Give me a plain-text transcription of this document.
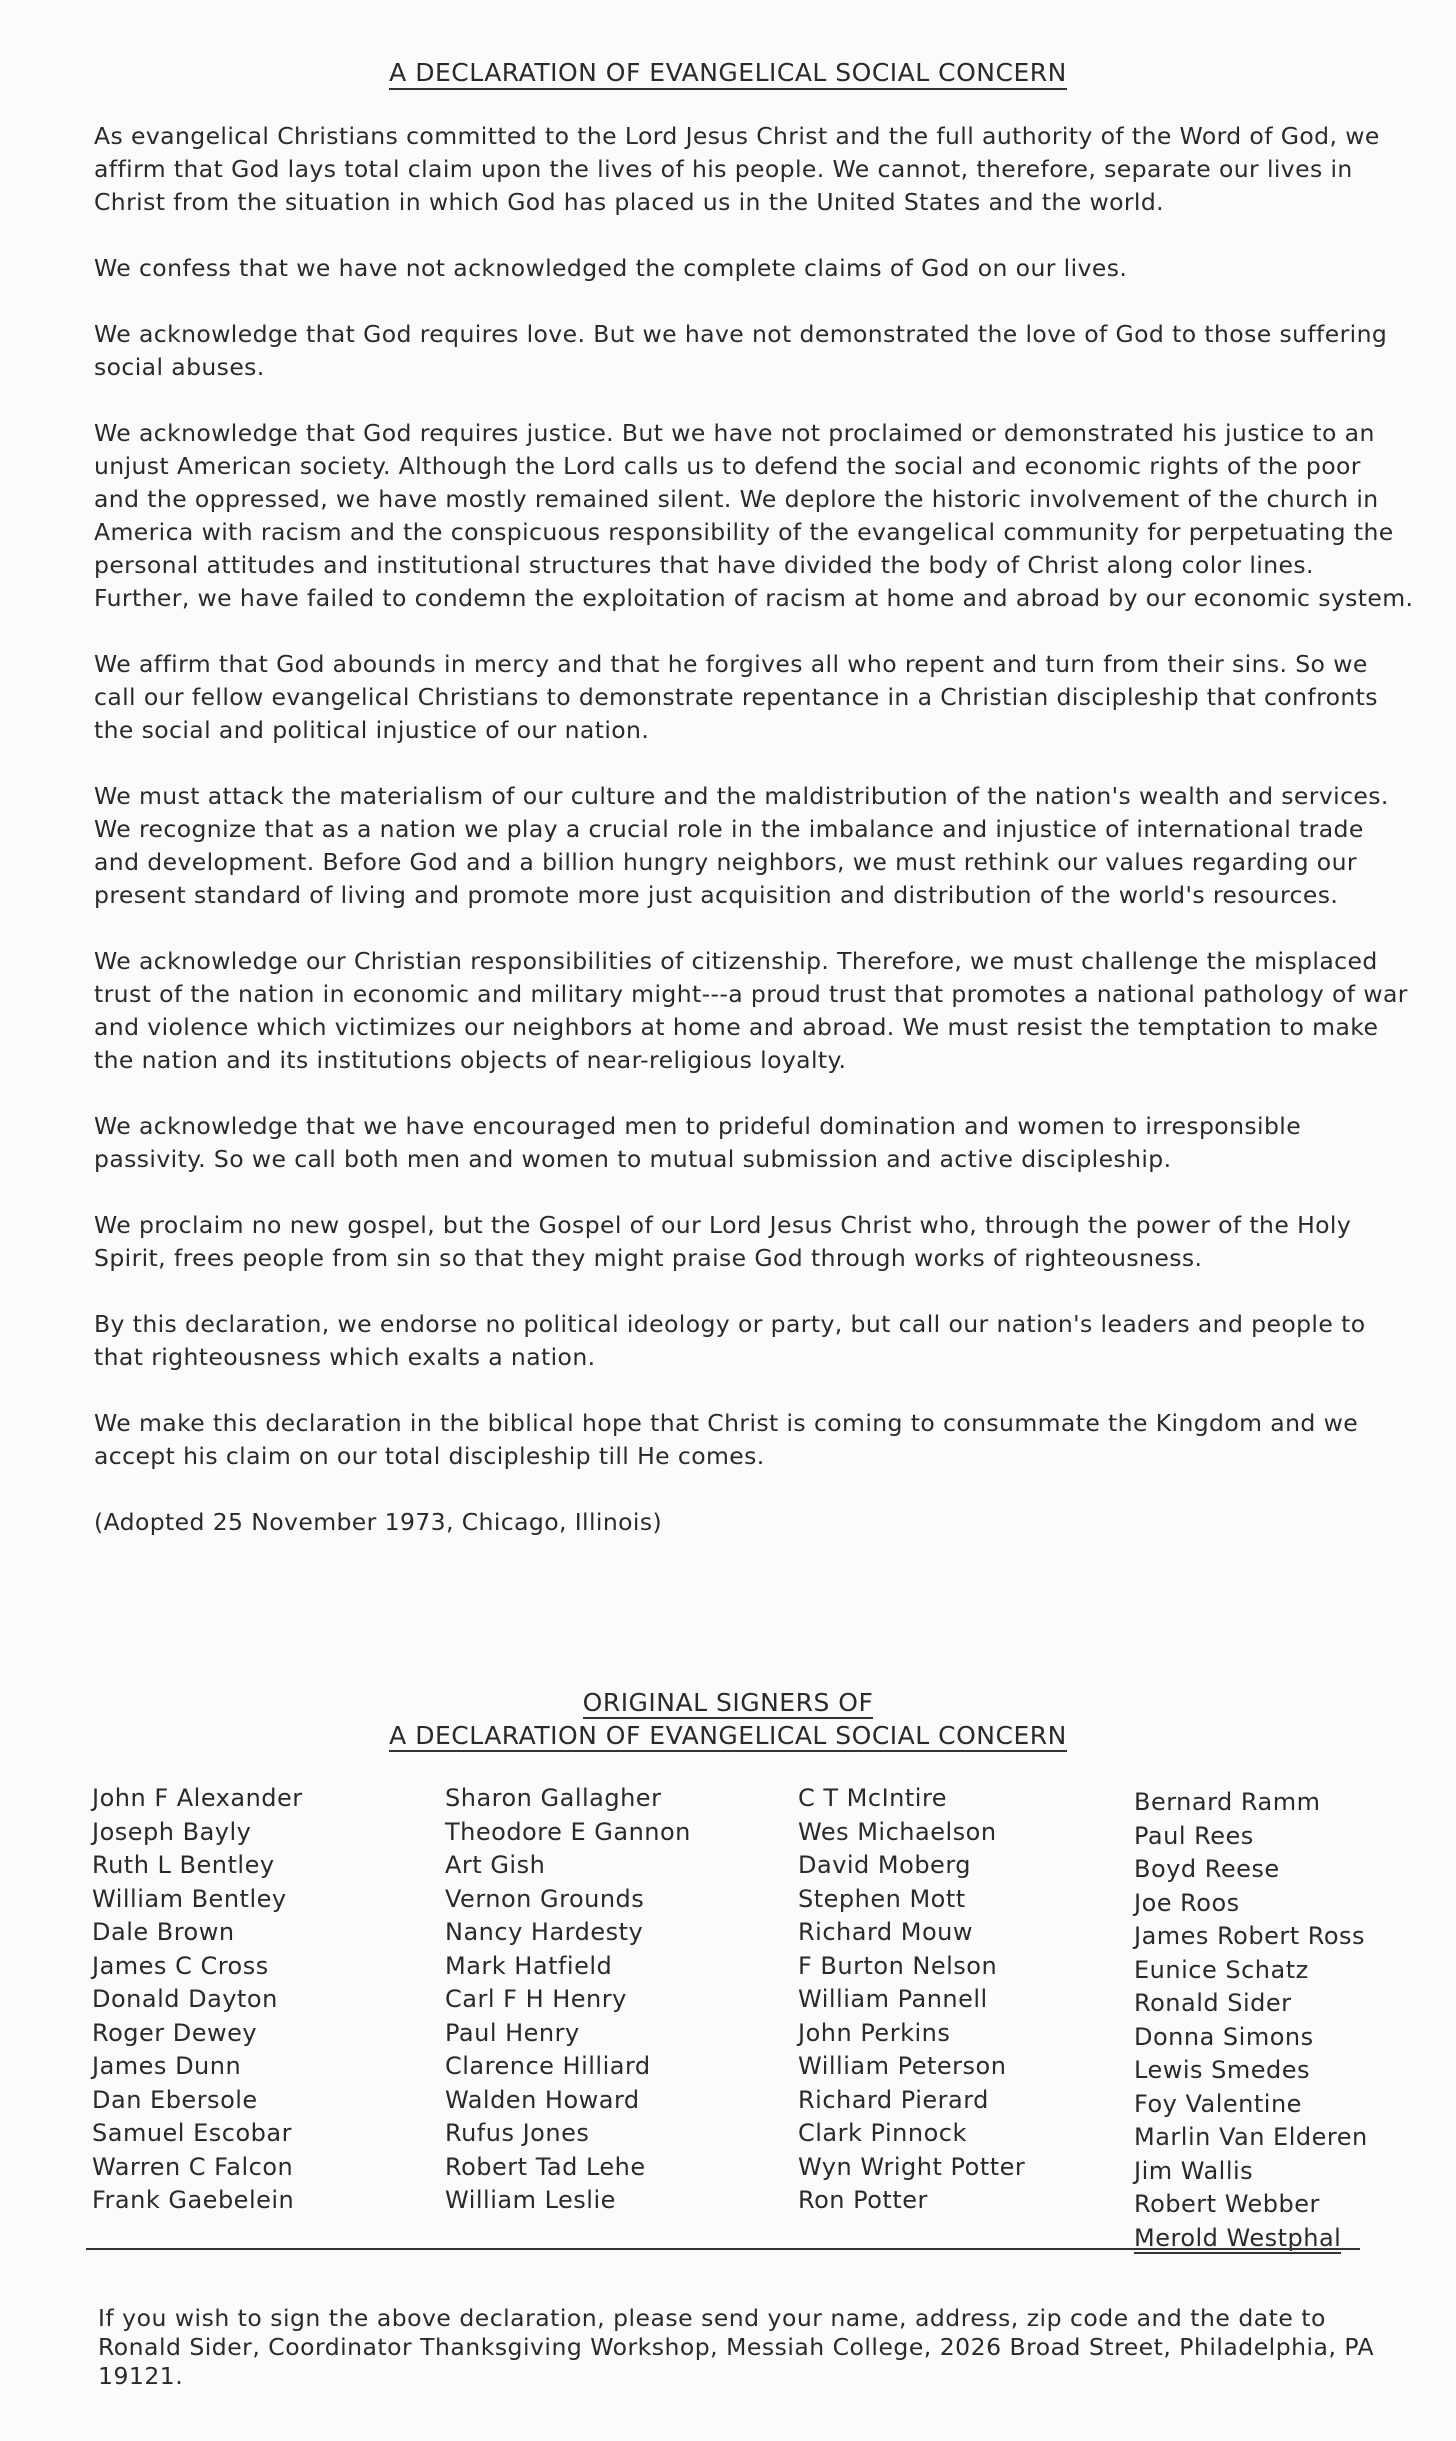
A DECLARATION OF EVANGELICAL SOCIAL CONCERN

As evangelical Christians committed to the Lord Jesus Christ and the full authority of the Word of God, we affirm that God lays total claim upon the lives of his people. We cannot, therefore, separate our lives in Christ from the situation in which God has placed us in the United States and the world.

We confess that we have not acknowledged the complete claims of God on our lives.

We acknowledge that God requires love. But we have not demonstrated the love of God to those suffering social abuses.

We acknowledge that God requires justice. But we have not proclaimed or demonstrated his justice to an unjust American society. Although the Lord calls us to defend the social and economic rights of the poor and the oppressed, we have mostly remained silent. We deplore the historic involvement of the church in America with racism and the conspicuous responsibility of the evangelical community for perpetuating the personal attitudes and institutional structures that have divided the body of Christ along color lines. Further, we have failed to condemn the exploitation of racism at home and abroad by our economic system.

We affirm that God abounds in mercy and that he forgives all who repent and turn from their sins. So we call our fellow evangelical Christians to demonstrate repentance in a Christian discipleship that confronts the social and political injustice of our nation.

We must attack the materialism of our culture and the maldistribution of the nation's wealth and services. We recognize that as a nation we play a crucial role in the imbalance and injustice of international trade and development. Before God and a billion hungry neighbors, we must rethink our values regarding our present standard of living and promote more just acquisition and distribution of the world's resources.

We acknowledge our Christian responsibilities of citizenship. Therefore, we must challenge the misplaced trust of the nation in economic and military might---a proud trust that promotes a national pathology of war and violence which victimizes our neighbors at home and abroad. We must resist the temptation to make the nation and its institutions objects of near-religious loyalty.

We acknowledge that we have encouraged men to prideful domination and women to irresponsible passivity. So we call both men and women to mutual submission and active discipleship.

We proclaim no new gospel, but the Gospel of our Lord Jesus Christ who, through the power of the Holy Spirit, frees people from sin so that they might praise God through works of righteousness.

By this declaration, we endorse no political ideology or party, but call our nation's leaders and people to that righteousness which exalts a nation.

We make this declaration in the biblical hope that Christ is coming to consummate the Kingdom and we accept his claim on our total discipleship till He comes.

(Adopted 25 November 1973, Chicago, Illinois)

ORIGINAL SIGNERS OF
A DECLARATION OF EVANGELICAL SOCIAL CONCERN
John F Alexander
Joseph Bayly
Ruth L Bentley
William Bentley
Dale Brown
James C Cross
Donald Dayton
Roger Dewey
James Dunn
Dan Ebersole
Samuel Escobar
Warren C Falcon
Frank Gaebelein
Sharon Gallagher
Theodore E Gannon
Art Gish
Vernon Grounds
Nancy Hardesty
Mark Hatfield
Carl F H Henry
Paul Henry
Clarence Hilliard
Walden Howard
Rufus Jones
Robert Tad Lehe
William Leslie
C T McIntire
Wes Michaelson
David Moberg
Stephen Mott
Richard Mouw
F Burton Nelson
William Pannell
John Perkins
William Peterson
Richard Pierard
Clark Pinnock
Wyn Wright Potter
Ron Potter
Bernard Ramm
Paul Rees
Boyd Reese
Joe Roos
James Robert Ross
Eunice Schatz
Ronald Sider
Donna Simons
Lewis Smedes
Foy Valentine
Marlin Van Elderen
Jim Wallis
Robert Webber
Merold Westphal
If you wish to sign the above declaration, please send your name, address, zip code and the date to Ronald Sider, Coordinator Thanksgiving Workshop, Messiah College, 2026 Broad Street, Philadelphia, PA 19121.
